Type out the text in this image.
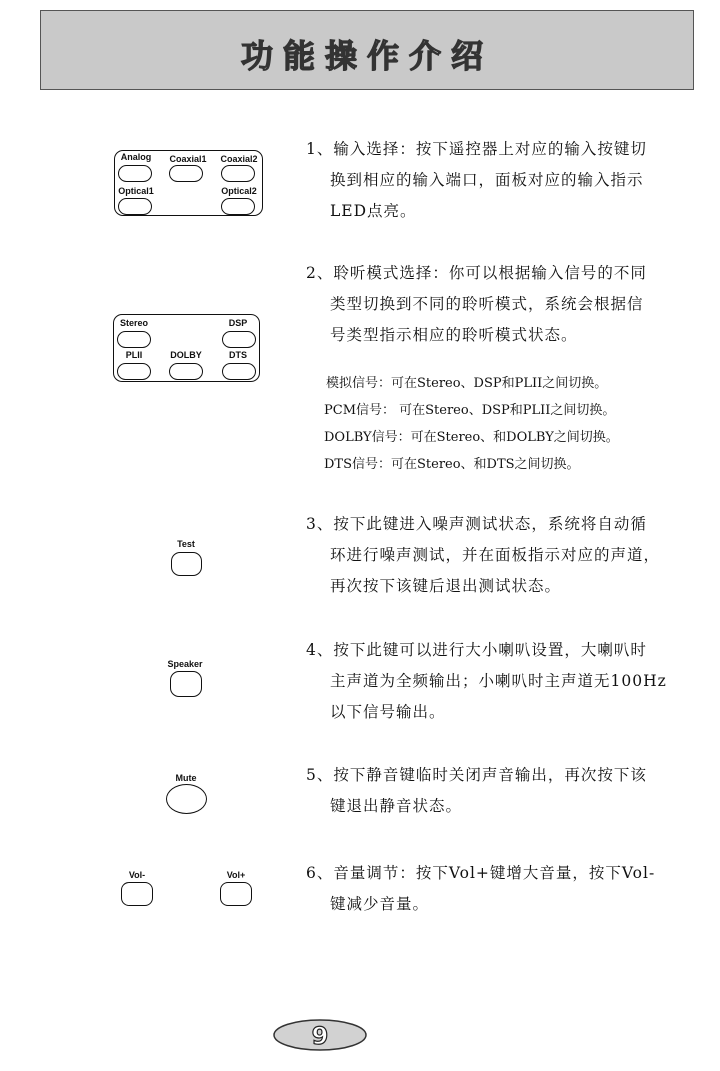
功能操作介绍
Analog Coaxial1 Coaxial2
Optical1	Optical2
Stereo	DSP
PLII	DOLBY	DTS
Test
Speaker
Mute
Vol-	Vol+

1、输入选择：按下遥控器上对应的输入按键切
换到相应的输入端口，面板对应的输入指示
LED点亮。

2、聆听模式选择：你可以根据输入信号的不同
类型切换到不同的聆听模式，系统会根据信
号类型指示相应的聆听模式状态。

模拟信号：可在Stereo、DSP和PLII之间切换。
PCM信号： 可在Stereo、DSP和PLII之间切换。
DOLBY信号：可在Stereo、和DOLBY之间切换。
DTS信号：可在Stereo、和DTS之间切换。

3、按下此键进入噪声测试状态，系统将自动循
环进行噪声测试，并在面板指示对应的声道，
再次按下该键后退出测试状态。

4、按下此键可以进行大小喇叭设置，大喇叭时
主声道为全频输出；小喇叭时主声道无100Hz
以下信号输出。

5、按下静音键临时关闭声音输出，再次按下该
键退出静音状态。

6、音量调节：按下Vol+键增大音量，按下Vol-
键减少音量。

9
